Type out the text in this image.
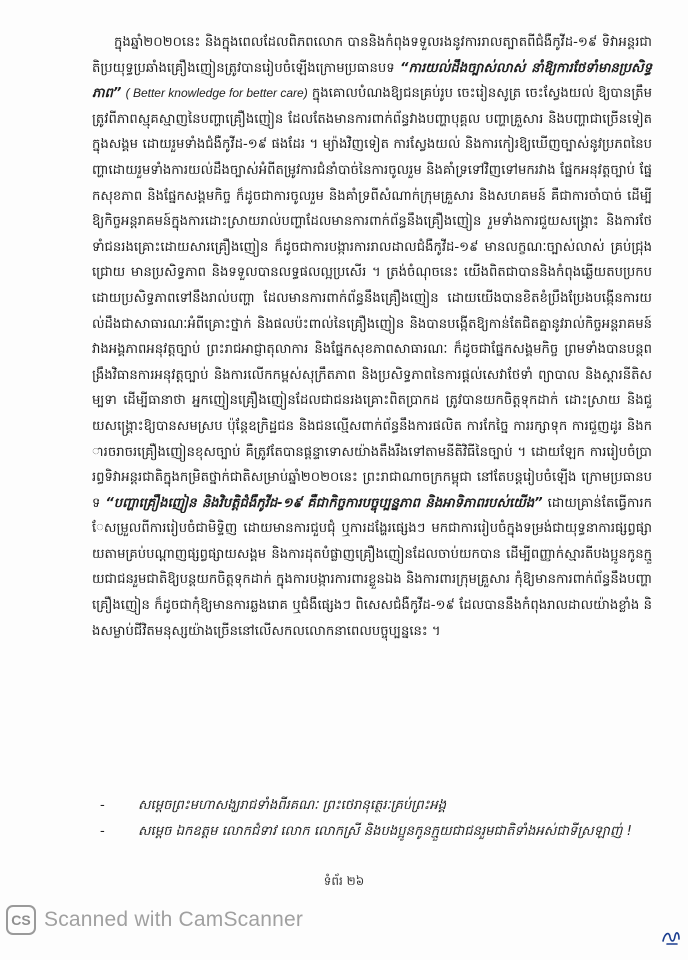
ក្នុងឆ្នាំ២០២០នេះ និងក្នុងពេលដែលពិភពលោក បាននិងកំពុងទទួលរងនូវការរាលត្បាតពីជំងឺកូវីដ-១៩ ទិវាអន្តរជាតិប្រយុទ្ធប្រឆាំងគ្រឿងញៀនត្រូវបានរៀបចំឡើងក្រោមប្រធានបទ “ការយល់ដឹងច្បាស់លាស់ នាំឱ្យការថែទាំមានប្រសិទ្ធភាព” ( Better knowledge for better care) ក្នុងគោលបំណងឱ្យជនគ្រប់រូប ចេះរៀនសូត្រ ចេះស្វែងយល់ ឱ្យបានត្រឹមត្រូវពីភាពស្មុគស្មាញនៃបញ្ហាគ្រឿងញៀន ដែលតែងមានការពាក់ព័ន្ធវាងបញ្ហាបុគ្គល បញ្ហាគ្រួសារ និងបញ្ហាជាច្រើនទៀតក្នុងសង្គម ដោយរួមទាំងជំងឺកូវីដ-១៩ ផងដែរ ។ ម្យ៉ាងវិញទៀត ការស្វែងយល់ និងការកៀរឱ្យឃើញច្បាស់នូវប្រភពនៃបញ្ហាដោយរួមទាំងការយល់ដឹងច្បាស់អំពីតម្រូវការជំនាំបាច់នៃការចូលរួម និងគាំទ្រទៅវិញទៅមករវាង ផ្នែកអនុវត្តច្បាប់ ផ្នែកសុខភាព និងផ្នែកសង្គមកិច្ច ក៏ដូចជាការចូលរួម និងគាំទ្រពីសំណាក់ក្រុមគ្រួសារ និងសហគមន៍ គឺជាការចាំបាច់ ដើម្បីឱ្យកិច្ចអន្តរាគមន៍ក្នុងការដោះស្រាយរាល់បញ្ហាដែលមានការពាក់ព័ន្ធនឹងគ្រឿងញៀន រួមទាំងការជួយសង្គ្រោះ និងការថែទាំជនរងគ្រោះដោយសារគ្រឿងញៀន ក៏ដូចជាការបង្ការការរាលដាលជំងឺកូវីដ-១៩ មានលក្ខណៈច្បាស់លាស់ គ្រប់ជ្រុងជ្រោយ មានប្រសិទ្ធភាព និងទទួលបានលទ្ធផលល្អប្រសើរ ។ ត្រង់ចំណុចនេះ យើងពិតជាបាននិងកំពុងឆ្លើយតបប្រកបដោយប្រសិទ្ធភាពទៅនឹងរាល់បញ្ហា ដែលមានការពាក់ព័ន្ធនឹងគ្រឿងញៀន ដោយយើងបានខិតខំប្រឹងប្រែងបង្កើនការយល់ដឹងជាសាធារណៈអំពីគ្រោះថ្នាក់ និងផលប៉ះពាល់នៃគ្រឿងញៀន និងបានបង្កើតឱ្យកាន់តែជិតគ្នានូវរាល់កិច្ចអន្តរាគមន៍វាងអង្គភាពអនុវត្តច្បាប់ ព្រះរាជអាជ្ញាតុលាការ និងផ្នែកសុខភាពសាធារណៈ ក៏ដូចជាផ្នែកសង្គមកិច្ច ព្រមទាំងបានបន្តពង្រឹងវិធានការអនុវត្តច្បាប់ និងការលើកកម្ពស់សុក្រឹតភាព និងប្រសិទ្ធភាពនៃការផ្តល់សេវាថែទាំ ព្យាបាល និងស្តារនីតិសម្បទា ដើម្បីធានាថា អ្នកញៀនគ្រឿងញៀនដែលជាជនរងគ្រោះពិតប្រាកដ ត្រូវបានយកចិត្តទុកដាក់ ដោះស្រាយ និងជួយសង្គ្រោះឱ្យបានសមស្រប ប៉ុន្តែឧក្រិដ្ឋជន និងជនល្មើសពាក់ព័ន្ធនឹងការផលិត ការកែច្នៃ ការរក្សាទុក ការជួញដូរ និងការចរាចរគ្រឿងញៀនខុសច្បាប់ គឺត្រូវតែបានផ្តន្ទាទោសយ៉ាងតឹងរឹងទៅតាមនីតិវិធីនៃច្បាប់ ។ ដោយឡែក ការរៀបចំប្រារព្ធទិវាអន្តរជាតិក្នុងកម្រិតថ្នាក់ជាតិសម្រាប់ឆ្នាំ២០២០នេះ ព្រះរាជាណាចក្រកម្ពុជា នៅតែបន្តរៀបចំឡើង ក្រោមប្រធានបទ “បញ្ហាគ្រឿងញៀន និងវិបត្តិជំងឺកូវីដ-១៩ គឺជាកិច្ចការបច្ចុប្បន្នភាព និងអាទិភាពរបស់យើង” ដោយគ្រាន់តែធ្វើការកែសម្រួលពីការរៀបចំជាមិទ្ទិញ ដោយមានការជួបជុំ ឬការដង្ហែរផ្សេងៗ មកជាការរៀបចំក្នុងទម្រង់ជាយុទ្ធនាការផ្សព្វផ្សាយតាមគ្រប់បណ្តាញផ្សព្វផ្សាយសង្គម និងការដុតបំផ្លាញគ្រឿងញៀនដែលចាប់យកបាន ដើម្បីពញ្ញាក់ស្មារតីបងប្អូនកូនក្មួយជាជនរួមជាតិឱ្យបន្តយកចិត្តទុកដាក់ ក្នុងការបង្ការការពារខ្លួនឯង និងការពារក្រុមគ្រួសារ កុំឱ្យមានការពាក់ព័ន្ធនឹងបញ្ហាគ្រឿងញៀន ក៏ដូចជាកុំឱ្យមានការឆ្លងរោគ ឬជំងឺផ្សេងៗ ពិសេសជំងឺកូវីដ-១៩ ដែលបាននឹងកំពុងរាលដាលយ៉ាងខ្លាំង និងសម្លាប់ជីវិតមនុស្សយ៉ាងច្រើននៅលើសកលលោកនាពេលបច្ចុប្បន្ននេះ ។

-	សម្ដេចព្រះមហាសង្ឃរាជទាំងពីរគណៈ ព្រះថេរានុត្ថេរៈគ្រប់ព្រះអង្គ
-	សម្ដេច ឯកឧត្ដម លោកជំទាវ លោក លោកស្រី និងបងប្អូនកូនក្មួយជាជនរួមជាតិទាំងអស់ជាទីស្រឡាញ់ !
ទំព័រ ២៦
CS Scanned with CamScanner
